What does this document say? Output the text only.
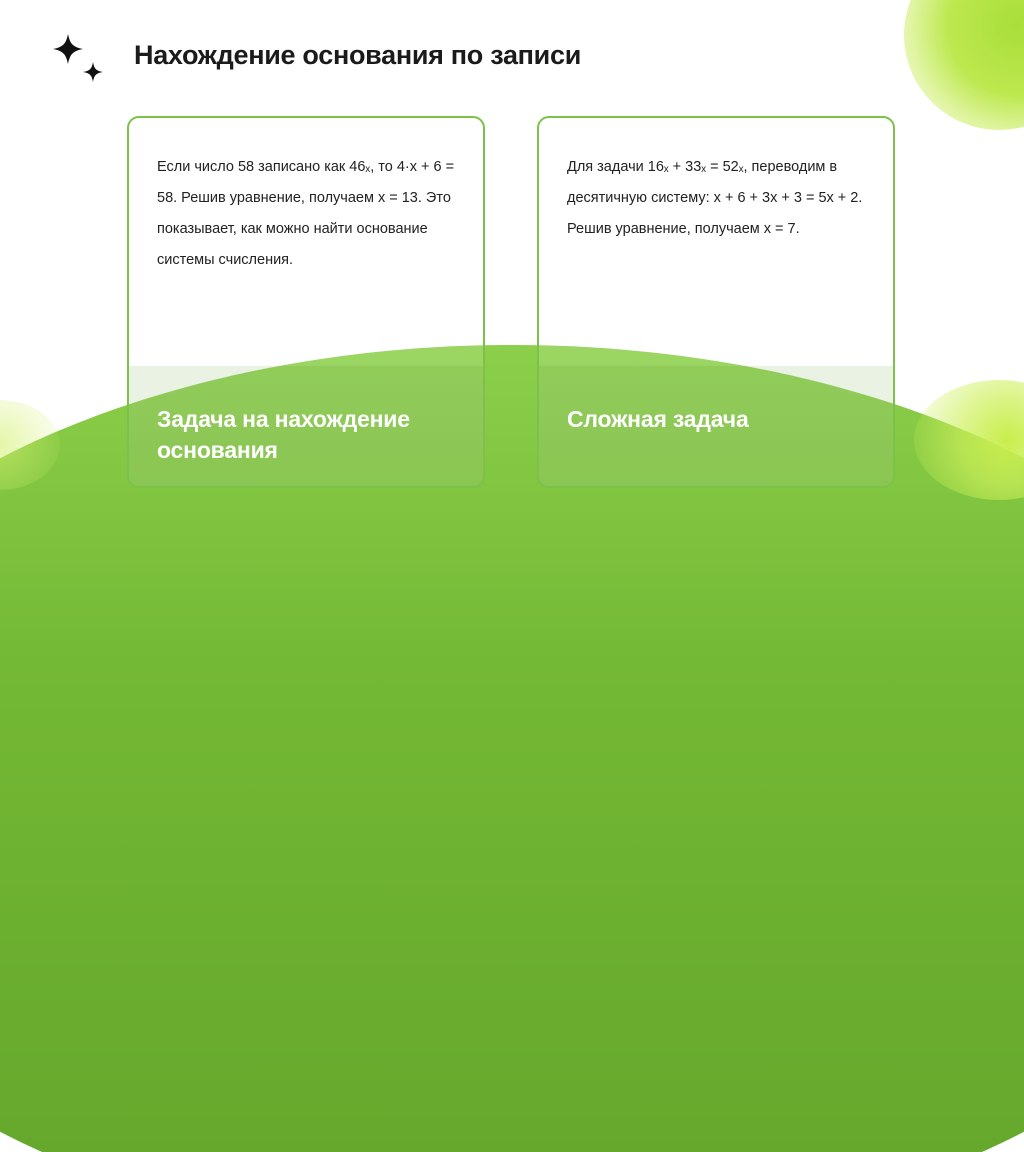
Нахождение основания по записи
Если число 58 записано как 46ₓ, то 4·x + 6 = 58. Решив уравнение, получаем x = 13. Это показывает, как можно найти основание системы счисления.
Задача на нахождение основания
Для задачи 16ₓ + 33ₓ = 52ₓ, переводим в десятичную систему: x + 6 + 3x + 3 = 5x + 2. Решив уравнение, получаем x = 7.
Сложная задача
